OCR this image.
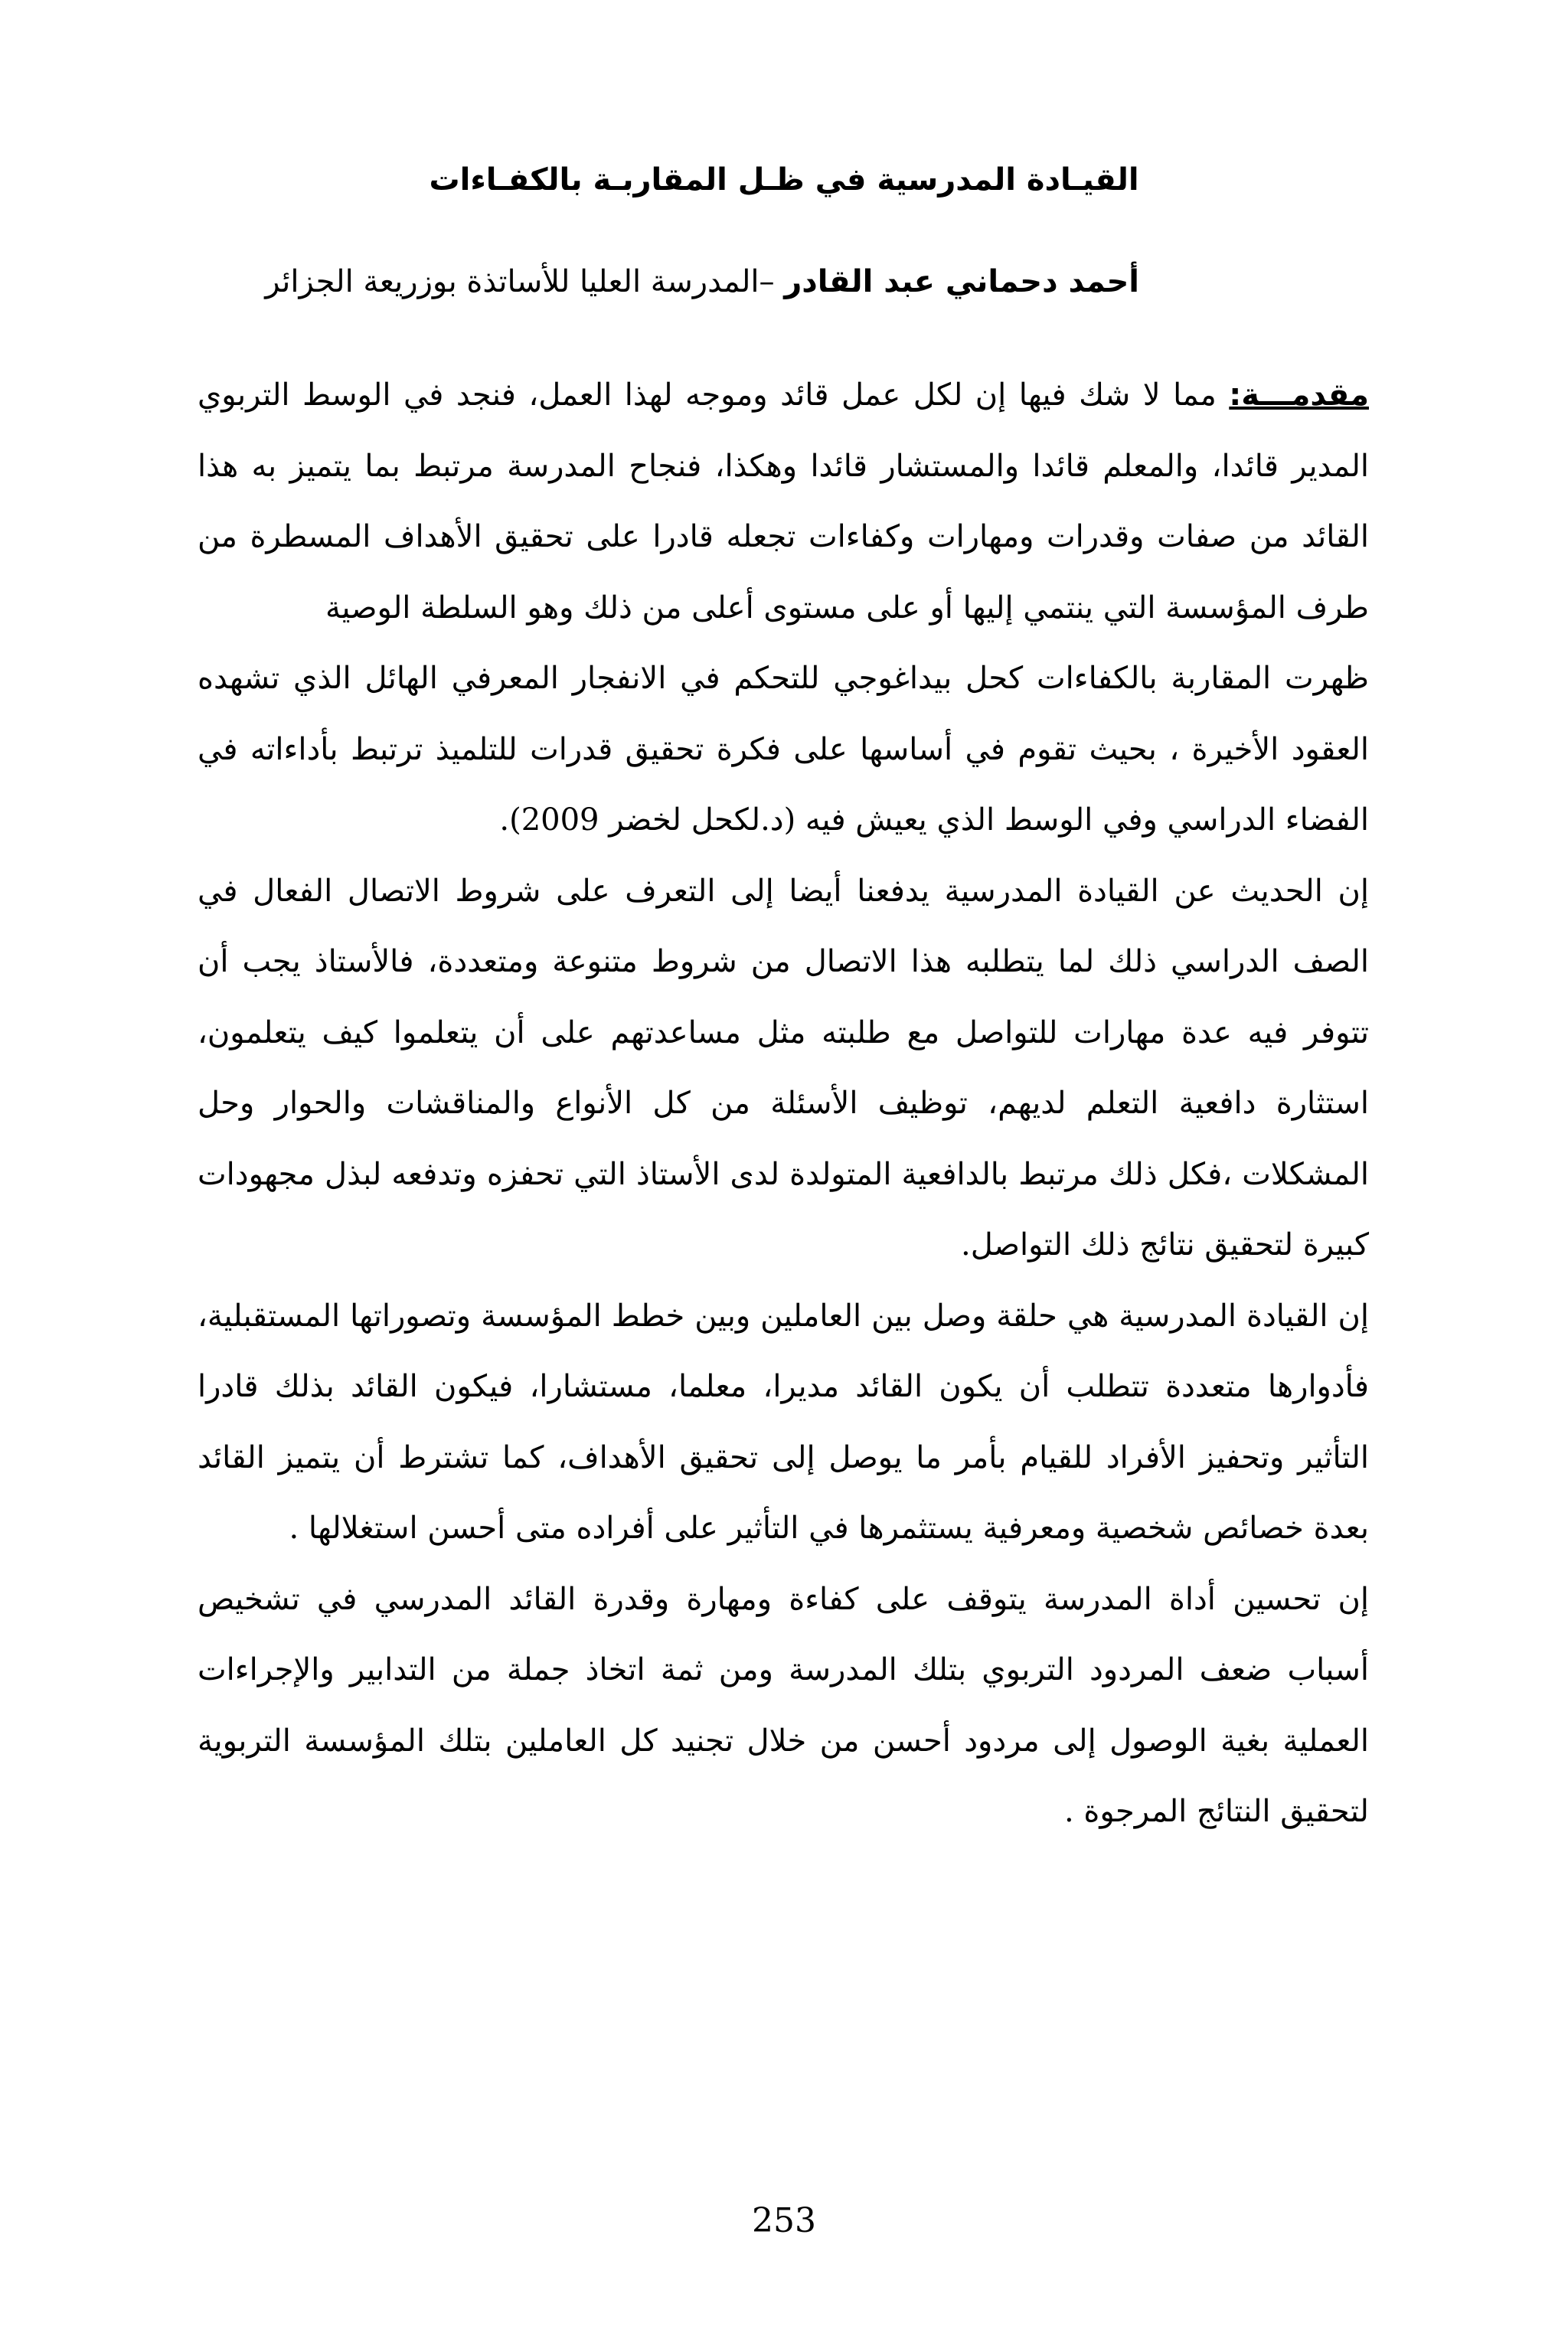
القيـادة المدرسية في ظـل المقاربـة بالكفـاءات
أحمد دحماني عبد القادر –المدرسة العليا للأساتذة بوزريعة الجزائر

مقدمـــة: مما لا شك فيها إن لكل عمل قائد وموجه لهذا العمل، فنجد في الوسط التربوي المدير قائدا، والمعلم قائدا والمستشار قائدا وهكذا، فنجاح المدرسة مرتبط بما يتميز به هذا القائد من صفات وقدرات ومهارات وكفاءات تجعله قادرا على تحقيق الأهداف المسطرة من طرف المؤسسة التي ينتمي إليها أو على مستوى أعلى من ذلك وهو السلطة الوصية

ظهرت المقاربة بالكفاءات كحل بيداغوجي للتحكم في الانفجار المعرفي الهائل الذي تشهده العقود الأخيرة ، بحيث تقوم في أساسها على فكرة تحقيق قدرات للتلميذ ترتبط بأداءاته في الفضاء الدراسي وفي الوسط الذي يعيش فيه (د.لكحل لخضر 2009).

إن الحديث عن القيادة المدرسية يدفعنا أيضا إلى التعرف على شروط الاتصال الفعال في الصف الدراسي ذلك لما يتطلبه هذا الاتصال من شروط متنوعة ومتعددة، فالأستاذ يجب أن تتوفر فيه عدة مهارات للتواصل مع طلبته مثل مساعدتهم على أن يتعلموا كيف يتعلمون، استثارة دافعية التعلم لديهم، توظيف الأسئلة من كل الأنواع والمناقشات والحوار وحل المشكلات ،فكل ذلك مرتبط بالدافعية المتولدة لدى الأستاذ التي تحفزه وتدفعه لبذل مجهودات كبيرة لتحقيق نتائج ذلك التواصل.

إن القيادة المدرسية هي حلقة وصل بين العاملين وبين خطط المؤسسة وتصوراتها المستقبلية، فأدوارها متعددة تتطلب أن يكون القائد مديرا، معلما، مستشارا، فيكون القائد بذلك قادرا التأثير وتحفيز الأفراد للقيام بأمر ما يوصل إلى تحقيق الأهداف، كما تشترط أن يتميز القائد بعدة خصائص شخصية ومعرفية يستثمرها في التأثير على أفراده متى أحسن استغلالها .

إن تحسين أداة المدرسة يتوقف على كفاءة ومهارة وقدرة القائد المدرسي في تشخيص أسباب ضعف المردود التربوي بتلك المدرسة ومن ثمة اتخاذ جملة من التدابير والإجراءات العملية بغية الوصول إلى مردود أحسن من خلال تجنيد كل العاملين بتلك المؤسسة التربوية لتحقيق النتائج المرجوة .

253
